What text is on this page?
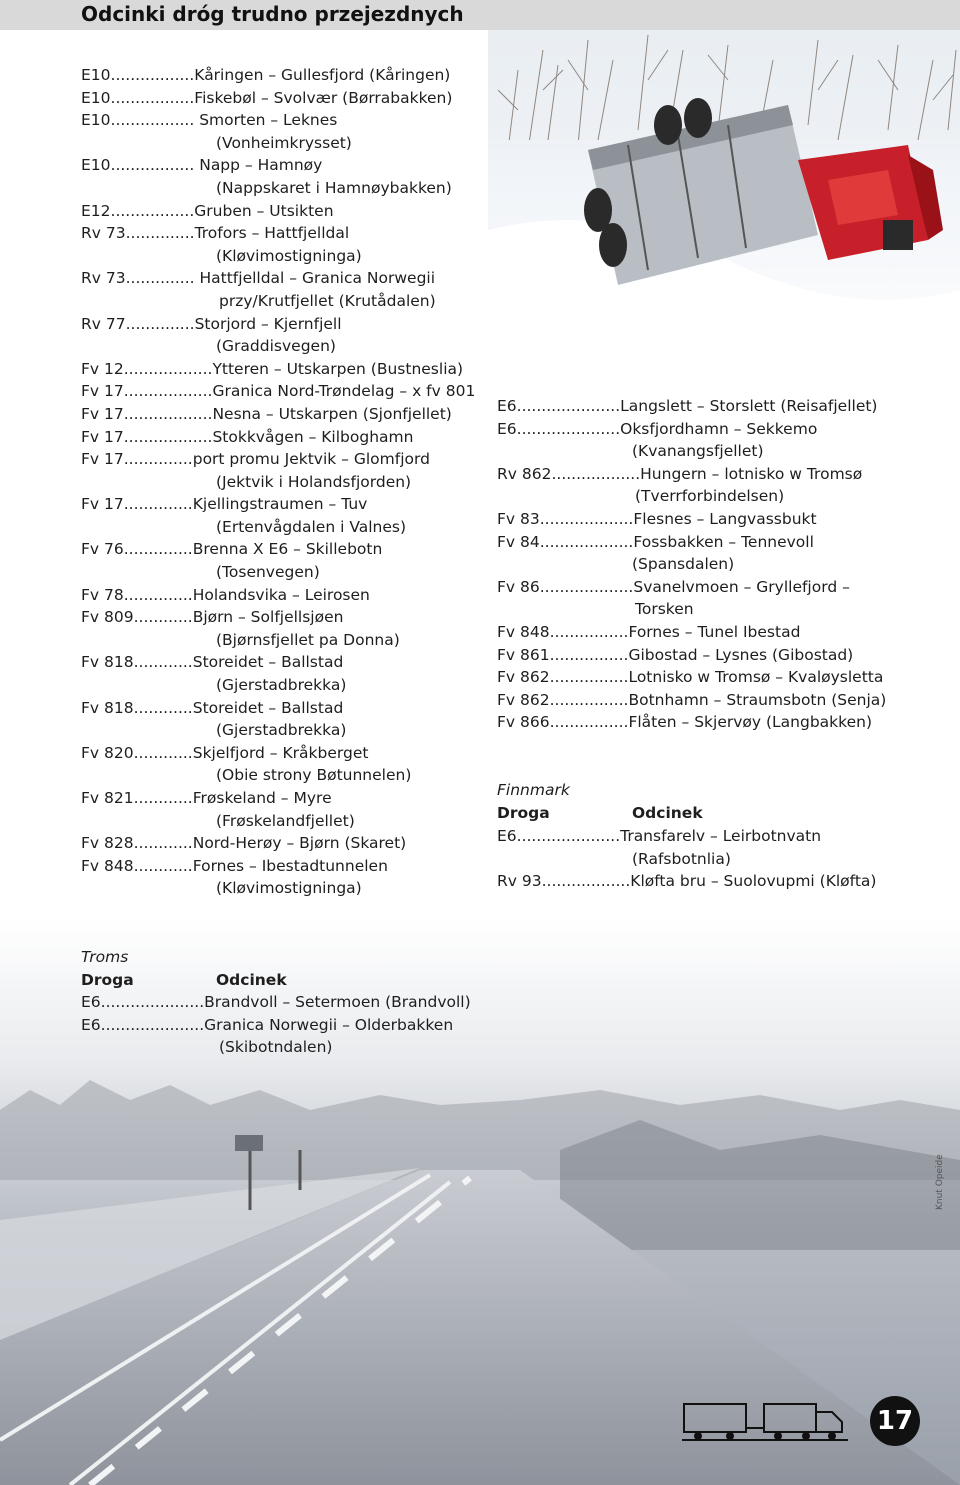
Odcinki dróg trudno przejezdnych
E10.................Kåringen – Gullesfjord (Kåringen)
E10.................Fiskebøl – Svolvær (Børrabakken)
E10................. Smorten – Leknes
(Vonheimkrysset)
E10................. Napp – Hamnøy
(Nappskaret i Hamnøybakken)
E12.................Gruben – Utsikten
Rv 73..............Trofors – Hattfjelldal
(Kløvimostigninga)
Rv 73.............. Hattfjelldal – Granica Norwegii
przy/Krutfjellet (Krutådalen)
Rv 77..............Storjord – Kjernfjell
(Graddisvegen)
Fv 12..................Ytteren – Utskarpen (Bustneslia)
Fv 17..................Granica Nord-Trøndelag – x fv 801
Fv 17..................Nesna – Utskarpen (Sjonfjellet)
Fv 17..................Stokkvågen – Kilboghamn
Fv 17..............port promu Jektvik – Glomfjord
(Jektvik i Holandsfjorden)
Fv 17..............Kjellingstraumen – Tuv
(Ertenvågdalen i Valnes)
Fv 76..............Brenna X E6 – Skillebotn
(Tosenvegen)
Fv 78..............Holandsvika – Leirosen
Fv 809............Bjørn – Solfjellsjøen
(Bjørnsfjellet pa Donna)
Fv 818............Storeidet – Ballstad
(Gjerstadbrekka)
Fv 818............Storeidet – Ballstad
(Gjerstadbrekka)
Fv 820............Skjelfjord – Kråkberget
(Obie strony Bøtunnelen)
Fv 821............Frøskeland – Myre
(Frøskelandfjellet)
Fv 828............Nord-Herøy – Bjørn (Skaret)
Fv 848............Fornes – Ibestadtunnelen
(Kløvimostigninga)
E6.....................Langslett – Storslett (Reisafjellet)
E6.....................Oksfjordhamn – Sekkemo
(Kvanangsfjellet)
Rv 862..................Hungern – lotnisko w Tromsø
(Tverrforbindelsen)
Fv 83...................Flesnes – Langvassbukt
Fv 84...................Fossbakken – Tennevoll
(Spansdalen)
Fv 86...................Svanelvmoen – Gryllefjord –
Torsken
Fv 848................Fornes – Tunel Ibestad
Fv 861................Gibostad – Lysnes (Gibostad)
Fv 862................Lotnisko w Tromsø – Kvaløysletta
Fv 862................Botnhamn – Straumsbotn (Senja)
Fv 866................Flåten – Skjervøy (Langbakken)
Finnmark
Droga	Odcinek
E6.....................Transfarelv – Leirbotnvatn
(Rafsbotnlia)
Rv 93..................Kløfta bru – Suolovupmi (Kløfta)
Troms
Droga	Odcinek
E6.....................Brandvoll – Setermoen (Brandvoll)
E6.....................Granica Norwegii – Olderbakken
(Skibotndalen)
Knut Opeide
17
